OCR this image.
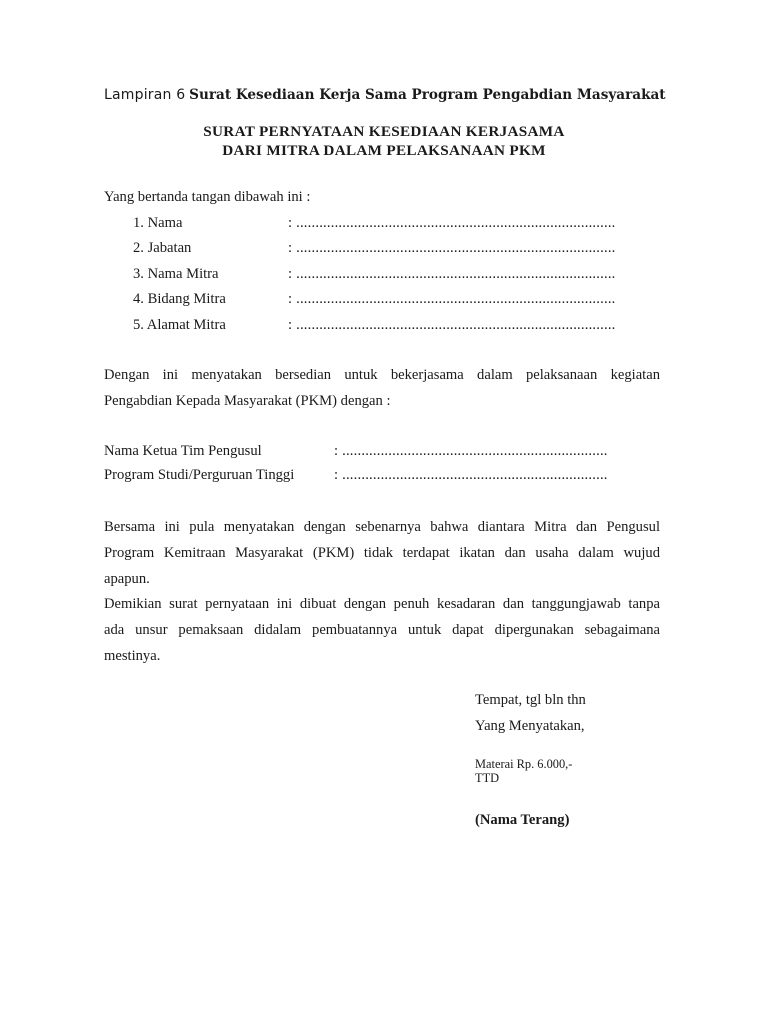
Lampiran 6 Surat Kesediaan Kerja Sama Program Pengabdian Masyarakat
SURAT PERNYATAAN KESEDIAAN KERJASAMA
DARI MITRA DALAM PELAKSANAAN PKM
Yang bertanda tangan dibawah ini :
1. Nama	: ...................................................................................
2. Jabatan	: ...................................................................................
3. Nama Mitra	: ...................................................................................
4. Bidang Mitra	: ...................................................................................
5. Alamat Mitra	: ...................................................................................
Dengan ini menyatakan bersedian untuk bekerjasama dalam pelaksanaan kegiatan
Pengabdian Kepada Masyarakat (PKM) dengan :
Nama Ketua Tim Pengusul	: .....................................................................
Program Studi/Perguruan Tinggi	: .....................................................................
Bersama ini pula menyatakan dengan sebenarnya bahwa diantara Mitra dan Pengusul
Program Kemitraan Masyarakat (PKM) tidak terdapat ikatan dan usaha dalam wujud
apapun.
Demikian surat pernyataan ini dibuat dengan penuh kesadaran dan tanggungjawab tanpa
ada unsur pemaksaan didalam pembuatannya untuk dapat dipergunakan sebagaimana
mestinya.
Tempat, tgl bln thn
Yang Menyatakan,
Materai Rp. 6.000,-
TTD
(Nama Terang)
